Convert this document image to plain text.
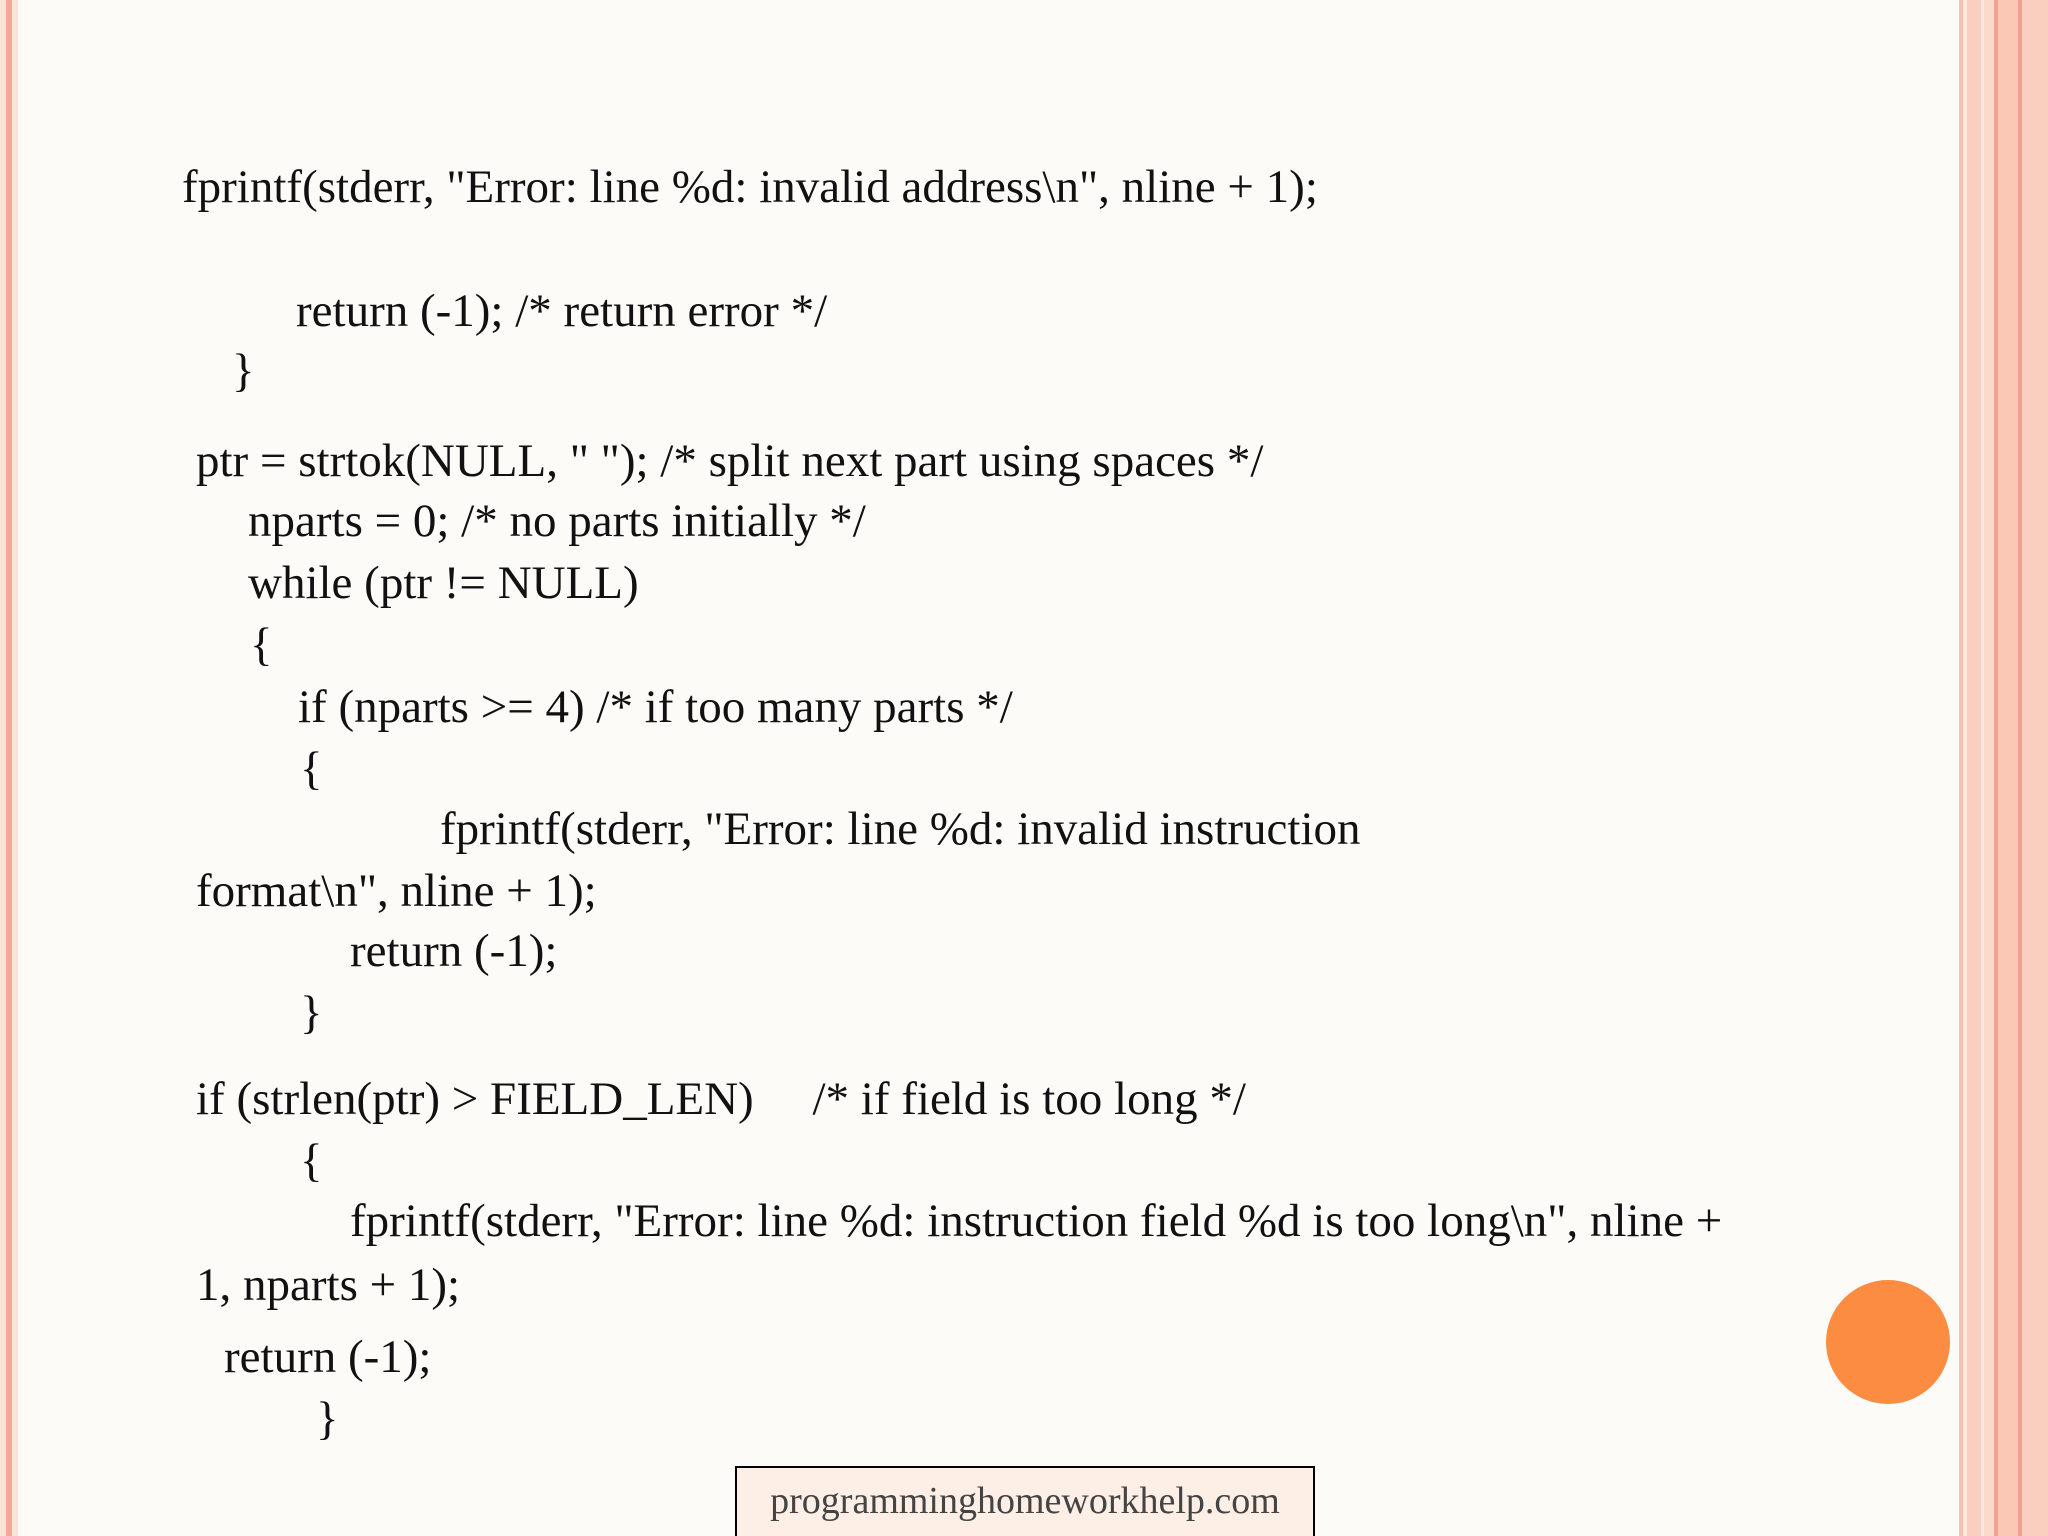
fprintf(stderr, "Error: line %d: invalid address\n", nline + 1);
return (-1); /* return error */
}
ptr = strtok(NULL, " "); /* split next part using spaces */
nparts = 0; /* no parts initially */
while (ptr != NULL)
{
if (nparts >= 4) /* if too many parts */
{
fprintf(stderr, "Error: line %d: invalid instruction
format\n", nline + 1);
return (-1);
}
if (strlen(ptr) > FIELD_LEN)     /* if field is too long */
{
fprintf(stderr, "Error: line %d: instruction field %d is too long\n", nline +
1, nparts + 1);
return (-1);
}
programminghomeworkhelp.com
